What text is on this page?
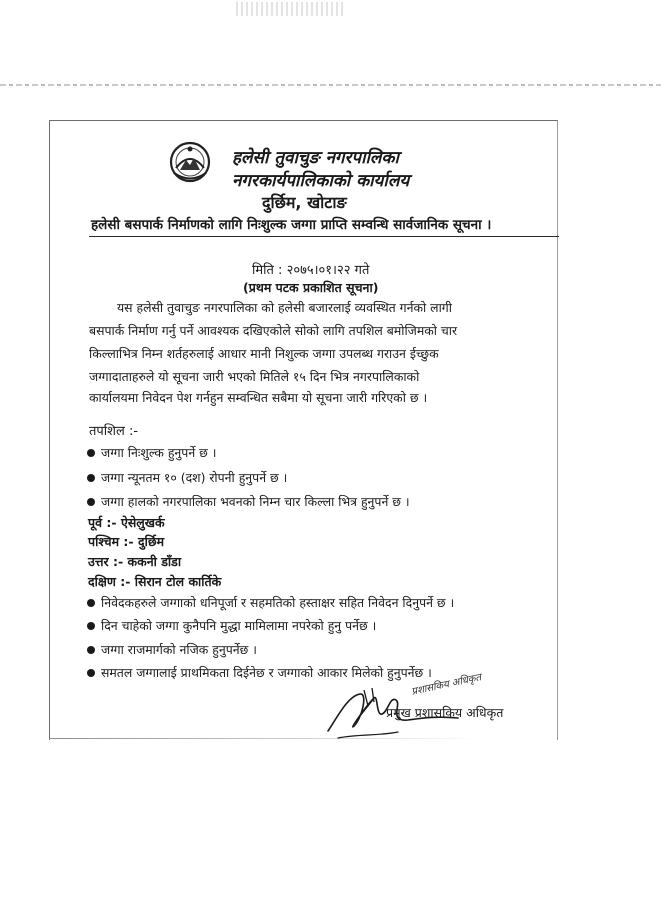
हलेसी तुवाचुङ नगरपालिका
नगरकार्यपालिकाको कार्यालय
दुर्छिम, खोटाङ
हलेसी बसपार्क निर्माणको लागि निःशुल्क जग्गा प्राप्ति सम्वन्धि सार्वजानिक सूचना ।
मिति : २०७५।०१।२२ गते
(प्रथम पटक प्रकाशित सूचना)
यस हलेसी तुवाचुङ नगरपालिका को हलेसी बजारलाई व्यवस्थित गर्नको लागी
बसपार्क निर्माण गर्नु पर्ने आवश्यक दखिएकोले सोको लागि तपशिल बमोजिमको चार
किल्लाभित्र निम्न शर्तहरुलाई आधार मानी निशुल्क जग्गा उपलब्ध गराउन ईच्छुक
जग्गादाताहरुले यो सूचना जारी भएको मितिले १५ दिन भित्र नगरपालिकाको
कार्यालयमा निवेदन पेश गर्नहुन सम्वन्धित सबैमा यो सूचना जारी गरिएको छ ।
तपशिल :-
जग्गा निःशुल्क हुनुपर्ने छ ।
जग्गा न्यूनतम १० (दश) रोपनी हुनुपर्ने छ ।
जग्गा हालको नगरपालिका भवनको निम्न चार किल्ला भित्र हुनुपर्ने छ ।
पूर्व :- ऐसेलुखर्क
पश्चिम :- दुर्छिम
उत्तर :- ककनी डाँडा
दक्षिण :- सिरान टोल कार्तिके
निवेदकहरुले जग्गाको धनिपूर्जा र सहमतिको हस्ताक्षर सहित निवेदन दिनुपर्ने छ ।
दिन चाहेको जग्गा कुनैपनि मुद्धा मामिलामा नपरेको हुनु पर्नेछ ।
जग्गा राजमार्गको नजिक हुनुपर्नेछ ।
समतल जग्गालाई प्राथमिकता दिईनेछ र जग्गाको आकार मिलेको हुनुपर्नेछ ।
प्रशासकिय अधिकृत
प्रमुख प्रशासकिय अधिकृत
